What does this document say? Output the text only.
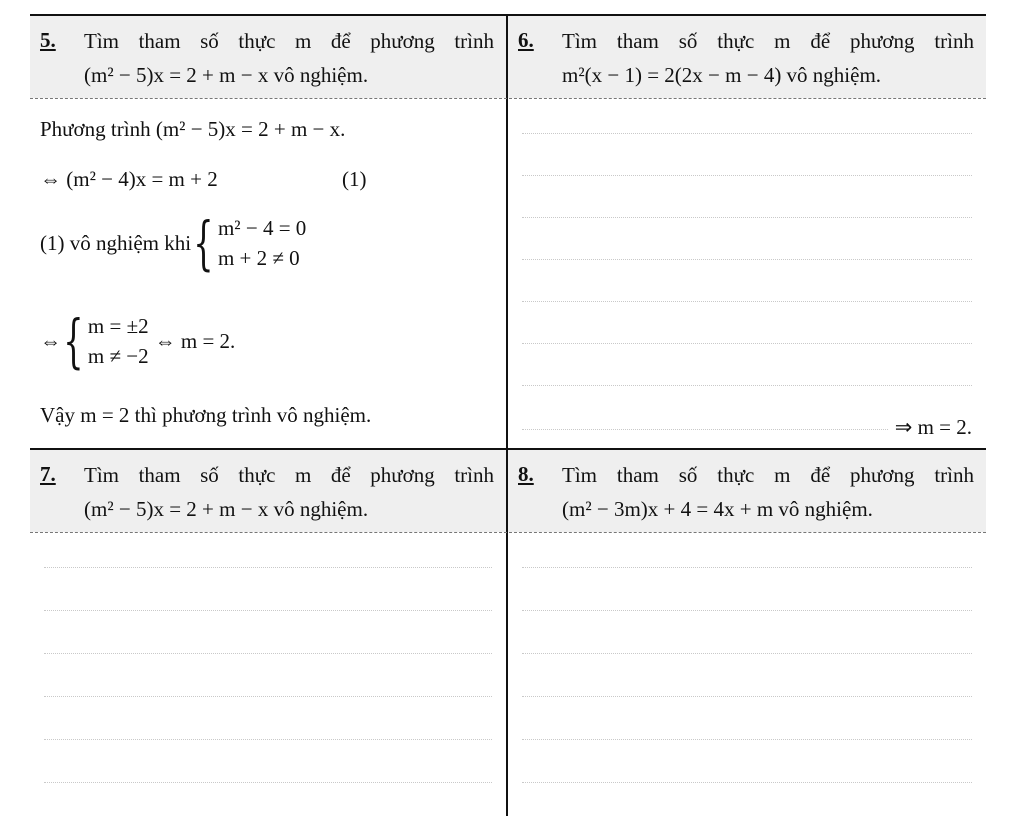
5. Tìm tham số thực m để phương trình
(m² − 5)x = 2 + m − x vô nghiệm.
6. Tìm tham số thực m để phương trình
m²(x − 1) = 2(2x − m − 4) vô nghiệm.
Phương trình (m² − 5)x = 2 + m − x.
⇔ (m² − 4)x = m + 2	(1)
(1) vô nghiệm khi { m² − 4 = 0
m + 2 ≠ 0
⇔ { m = ±2
m ≠ −2
⇔ m = 2.
Vậy m = 2 thì phương trình vô nghiệm.	⇒ m = 2.
7. Tìm tham số thực m để phương trình
(m² − 5)x = 2 + m − x vô nghiệm.
8. Tìm tham số thực m để phương trình
(m² − 3m)x + 4 = 4x + m vô nghiệm.
